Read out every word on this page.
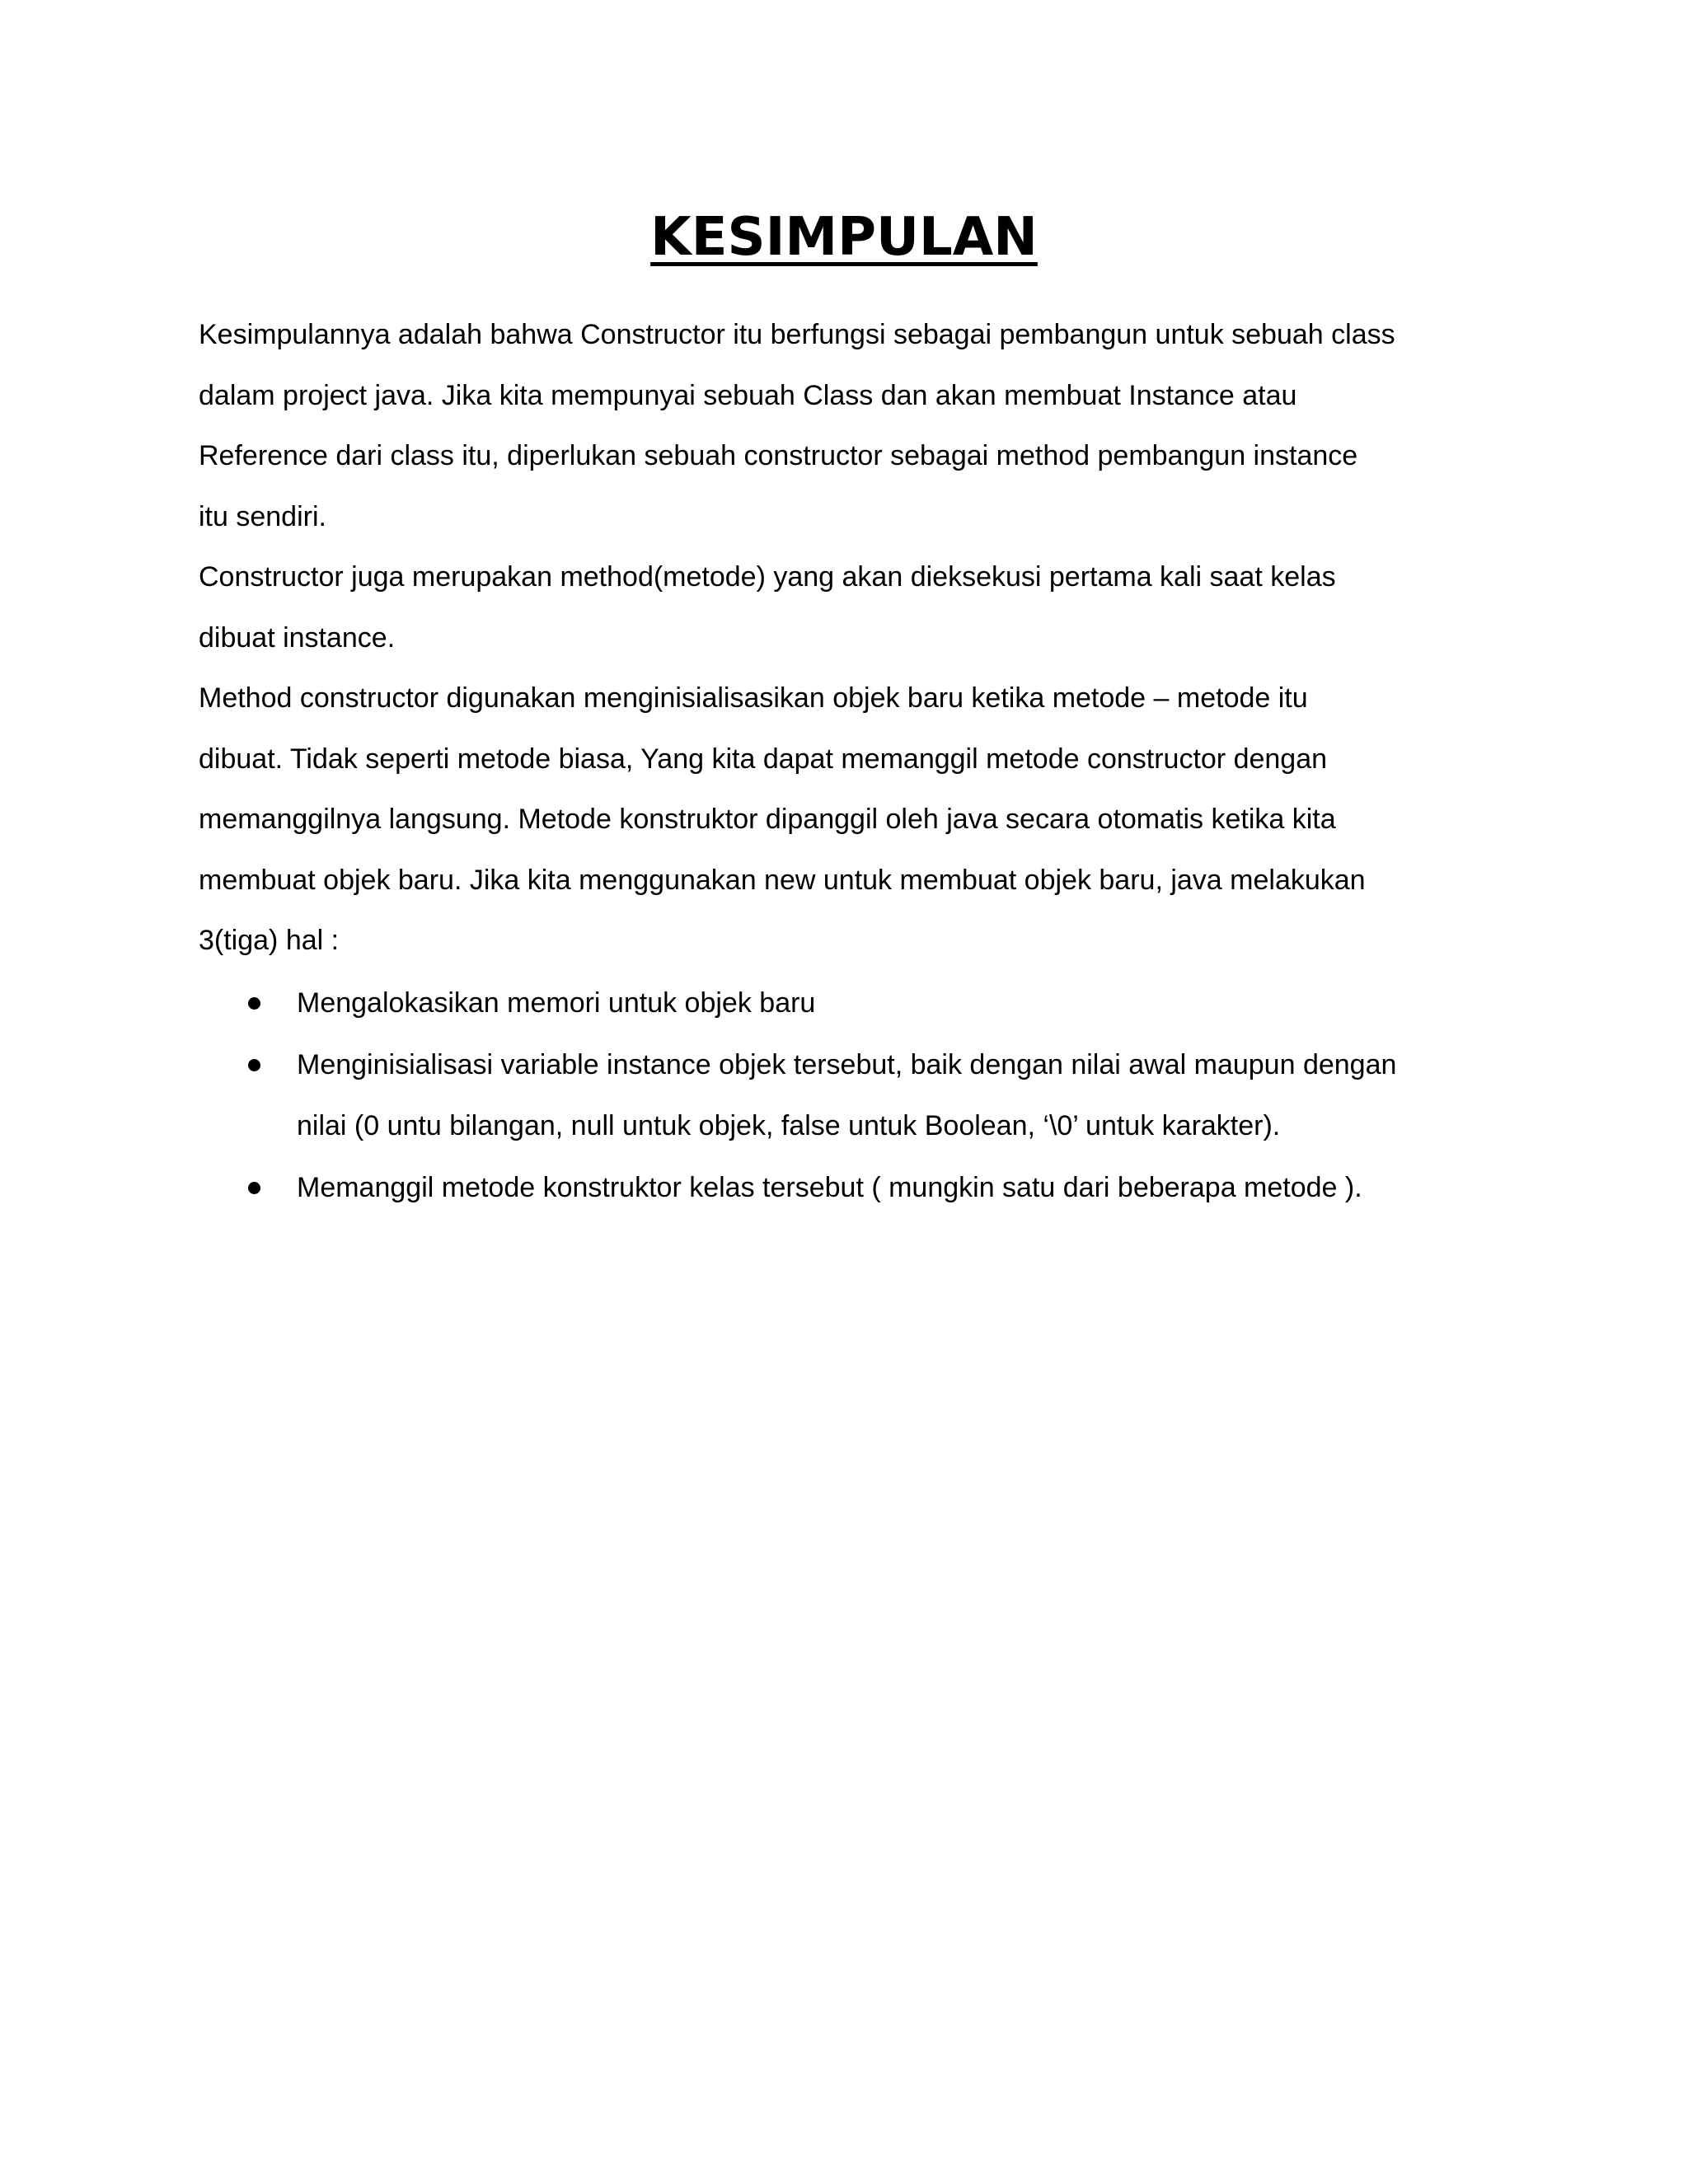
KESIMPULAN
Kesimpulannya adalah bahwa Constructor itu berfungsi sebagai pembangun untuk sebuah class
dalam project java. Jika kita mempunyai sebuah Class dan akan membuat Instance atau
Reference dari class itu, diperlukan sebuah constructor sebagai method pembangun instance
itu sendiri.
Constructor juga merupakan method(metode) yang akan dieksekusi pertama kali saat kelas
dibuat instance.
Method constructor digunakan menginisialisasikan objek baru ketika metode – metode itu
dibuat. Tidak seperti metode biasa, Yang kita dapat memanggil metode constructor dengan
memanggilnya langsung. Metode konstruktor dipanggil oleh java secara otomatis ketika kita
membuat objek baru. Jika kita menggunakan new untuk membuat objek baru, java melakukan
3(tiga) hal :
Mengalokasikan memori untuk objek baru
Menginisialisasi variable instance objek tersebut, baik dengan nilai awal maupun dengan
nilai (0 untu bilangan, null untuk objek, false untuk Boolean, ‘\0’ untuk karakter).
Memanggil metode konstruktor kelas tersebut ( mungkin satu dari beberapa metode ).
